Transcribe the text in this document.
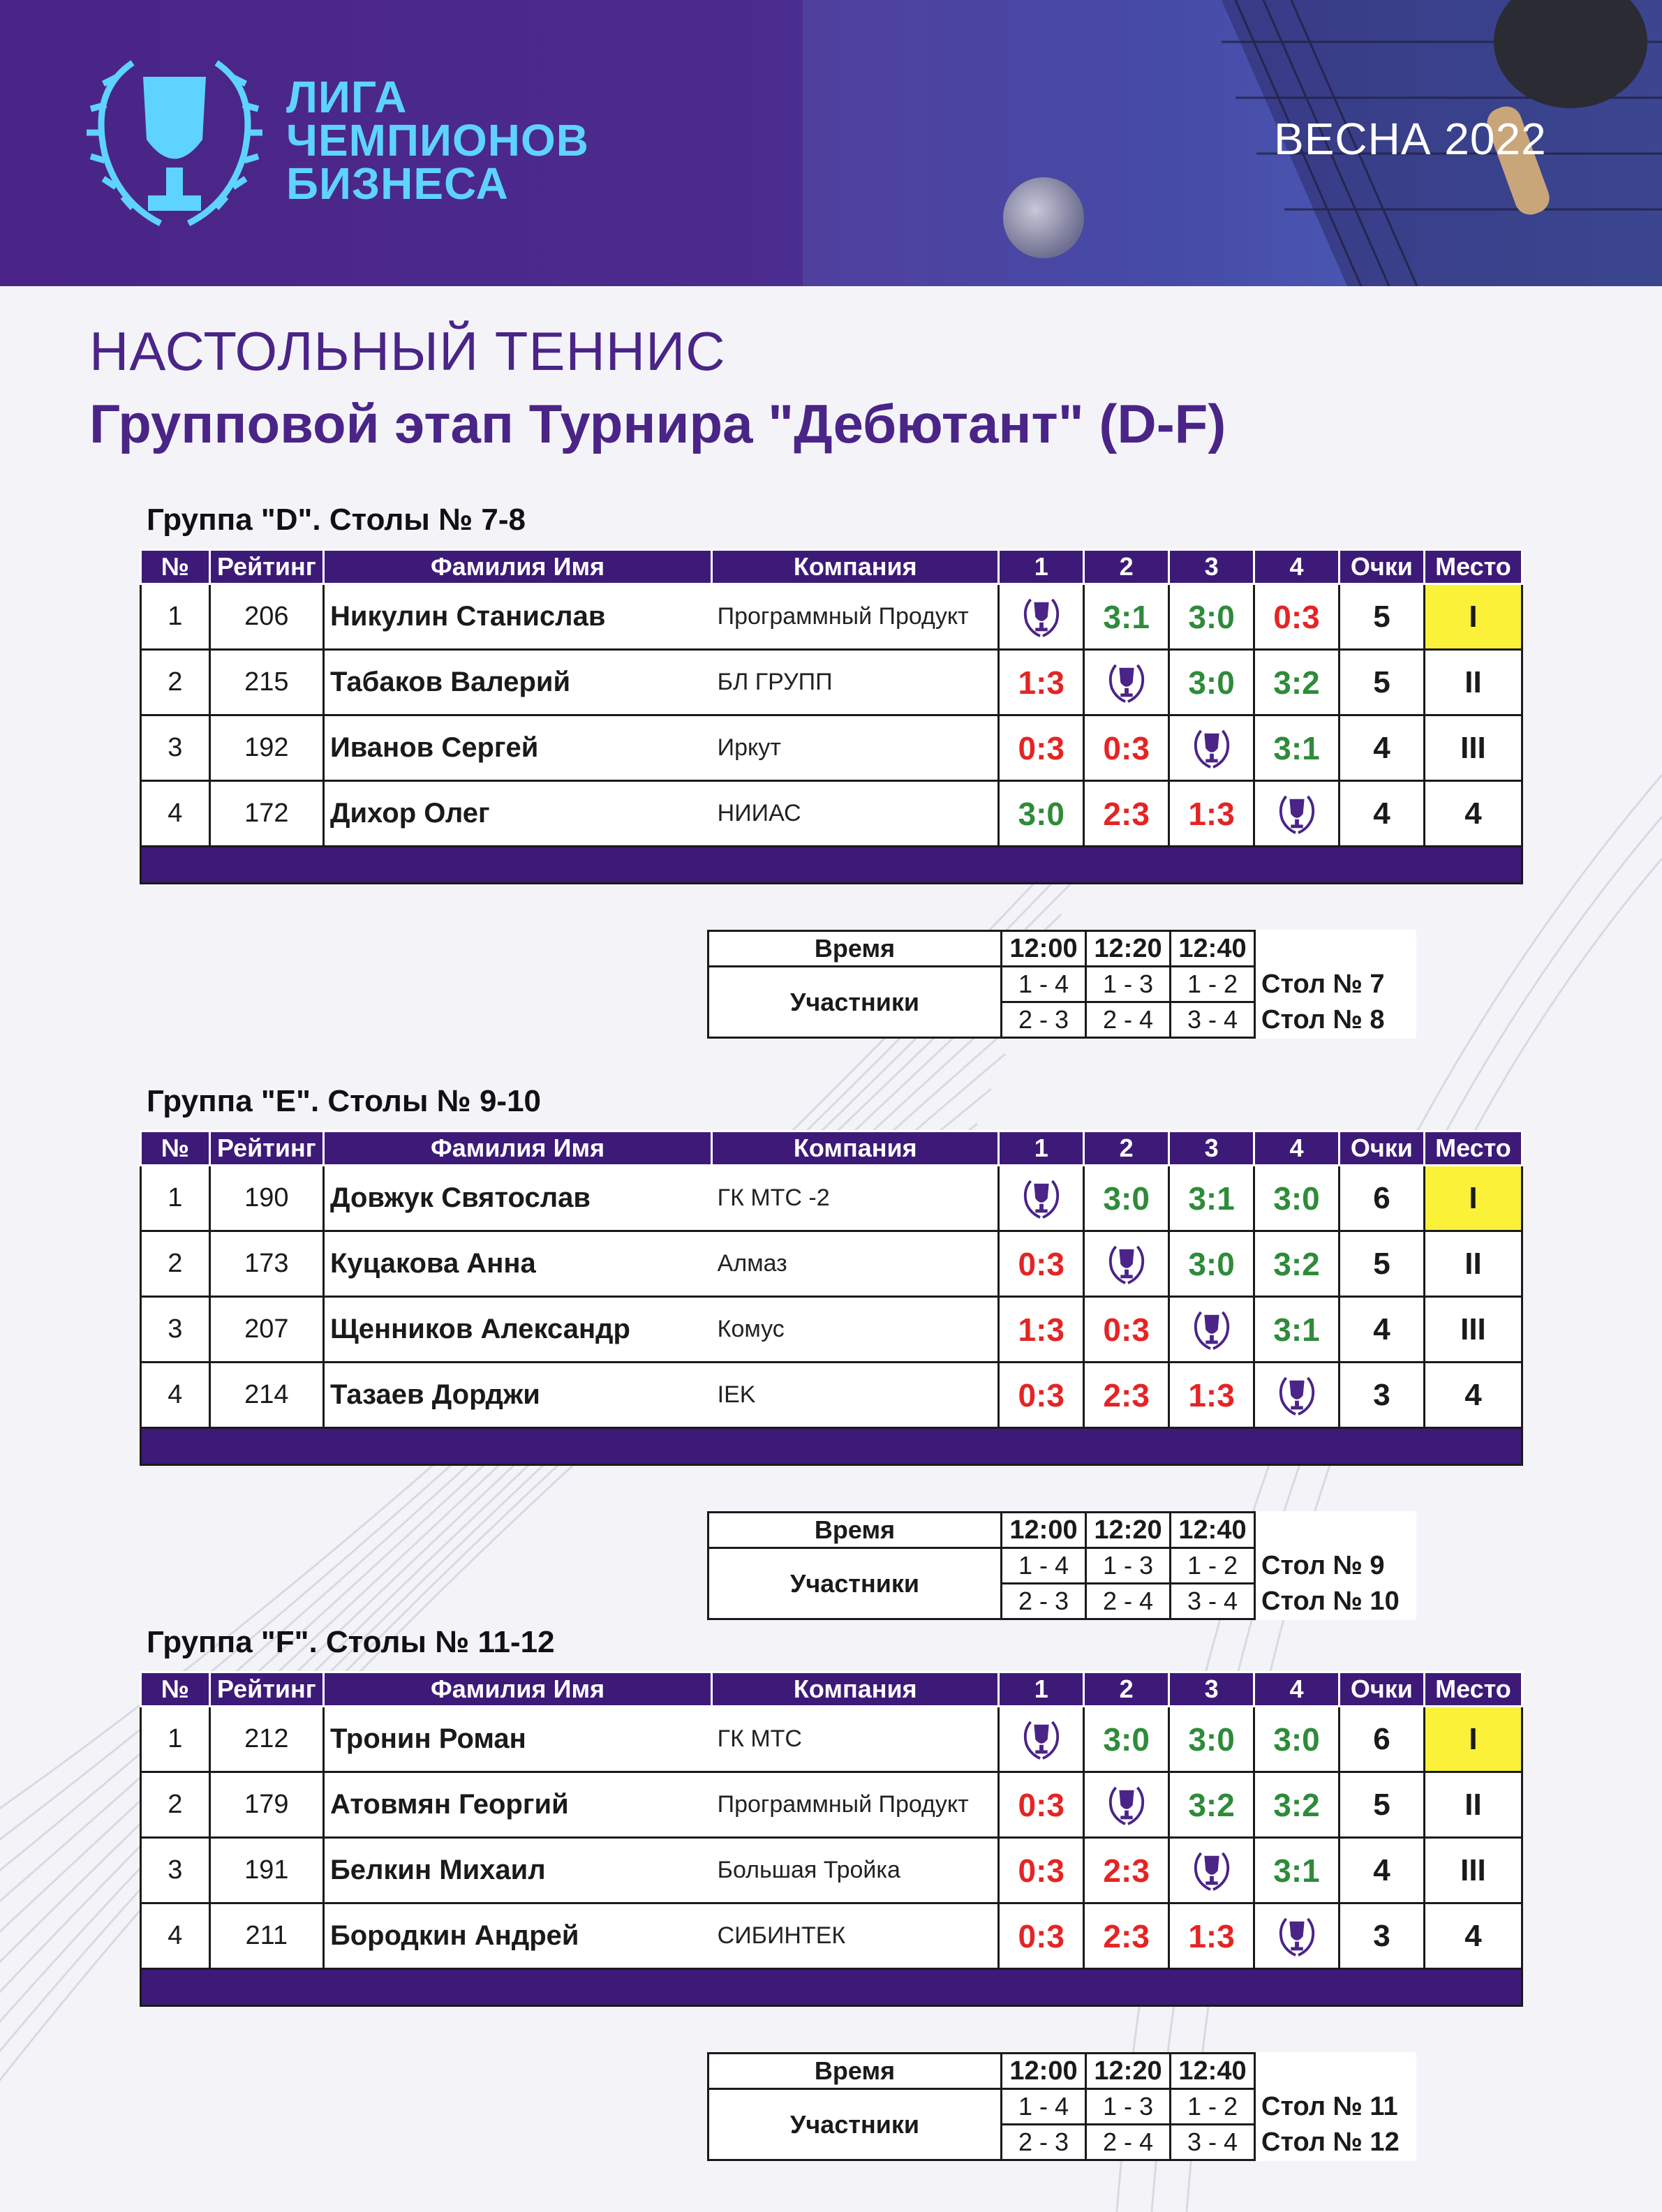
ЛИГА
ЧЕМПИОНОВ
БИЗНЕСА
ВЕСНА 2022
НАСТОЛЬНЫЙ ТЕННИС
Групповой этап Турнира "Дебютант" (D-F)
Группа "D". Столы № 7-8
№	Рейтинг	Фамилия Имя	Компания	1	2	3	4	Очки	Место
1	206	Никулин Станислав	Программный Продукт		3:1	3:0	0:3	5	I
2	215	Табаков Валерий	БЛ ГРУПП	1:3		3:0	3:2	5	II
3	192	Иванов Сергей	Иркут	0:3	0:3		3:1	4	III
4	172	Дихор Олег	НИИАС	3:0	2:3	1:3		4	4

Время	12:00	12:20	12:40	
Участники	1 - 4	1 - 3	1 - 2	Стол № 7
	2 - 3	2 - 4	3 - 4	Стол № 8
Группа "E". Столы № 9-10
№	Рейтинг	Фамилия Имя	Компания	1	2	3	4	Очки	Место
1	190	Довжук Святослав	ГК МТС -2		3:0	3:1	3:0	6	I
2	173	Куцакова Анна	Алмаз	0:3		3:0	3:2	5	II
3	207	Щенников Александр	Комус	1:3	0:3		3:1	4	III
4	214	Тазаев Дорджи	IEK	0:3	2:3	1:3		3	4

Время	12:00	12:20	12:40	
Участники	1 - 4	1 - 3	1 - 2	Стол № 9
	2 - 3	2 - 4	3 - 4	Стол № 10
Группа "F". Столы № 11-12
№	Рейтинг	Фамилия Имя	Компания	1	2	3	4	Очки	Место
1	212	Тронин Роман	ГК МТС		3:0	3:0	3:0	6	I
2	179	Атовмян Георгий	Программный Продукт	0:3		3:2	3:2	5	II
3	191	Белкин Михаил	Большая Тройка	0:3	2:3		3:1	4	III
4	211	Бородкин Андрей	СИБИНТЕК	0:3	2:3	1:3		3	4

Время	12:00	12:20	12:40	
Участники	1 - 4	1 - 3	1 - 2	Стол № 11
	2 - 3	2 - 4	3 - 4	Стол № 12
